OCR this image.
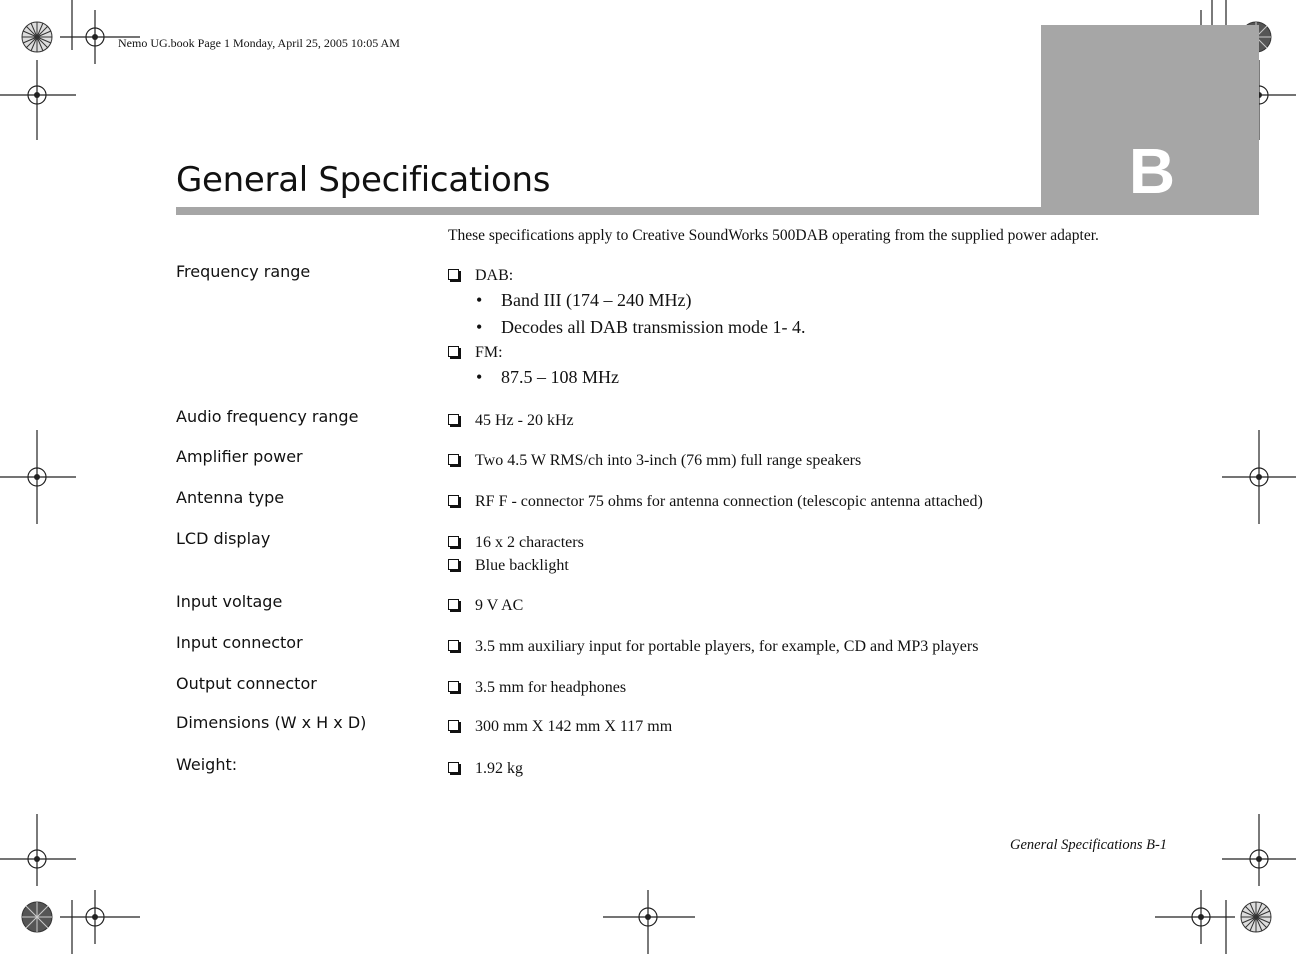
Nemo UG.book Page 1 Monday, April 25, 2005 10:05 AM
B
General Specifications
These specifications apply to Creative SoundWorks 500DAB operating from the supplied power adapter.
Frequency range	DAB:
• Band III (174 – 240 MHz)
• Decodes all DAB transmission mode 1- 4.
FM:
• 87.5 – 108 MHz
Audio frequency range	45 Hz - 20 kHz
Amplifier power	Two 4.5 W RMS/ch into 3-inch (76 mm) full range speakers
Antenna type	RF F - connector 75 ohms for antenna connection (telescopic antenna attached)
LCD display	16 x 2 characters
Blue backlight
Input voltage	9 V AC
Input connector	3.5 mm auxiliary input for portable players, for example, CD and MP3 players
Output connector	3.5 mm for headphones
Dimensions (W x H x D)	300 mm X 142 mm X 117 mm
Weight:	1.92 kg
General Specifications B-1
